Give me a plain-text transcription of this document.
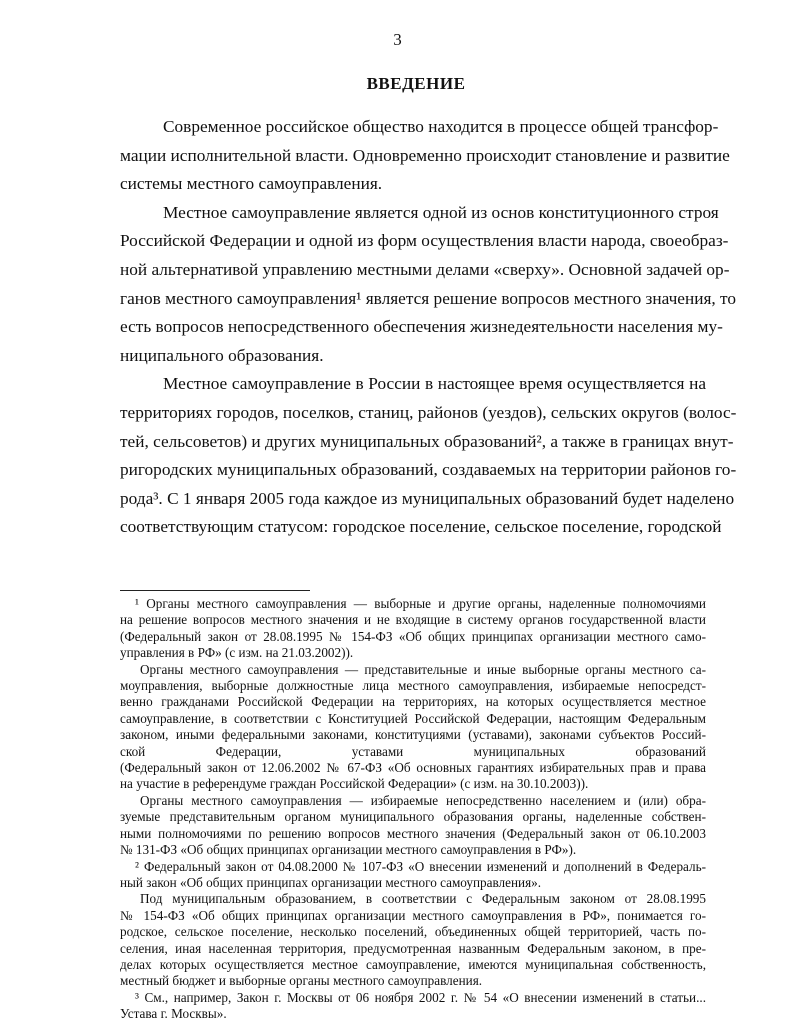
3
ВВЕДЕНИЕ
Современное российское общество находится в процессе общей трансфор-
мации исполнительной власти. Одновременно происходит становление и развитие
системы местного самоуправления.
Местное самоуправление является одной из основ конституционного строя
Российской Федерации и одной из форм осуществления власти народа, своеобраз-
ной альтернативой управлению местными делами «сверху». Основной задачей ор-
ганов местного самоуправления¹ является решение вопросов местного значения, то
есть вопросов непосредственного обеспечения жизнедеятельности населения му-
ниципального образования.
Местное самоуправление в России в настоящее время осуществляется на
территориях городов, поселков, станиц, районов (уездов), сельских округов (волос-
тей, сельсоветов) и других муниципальных образований², а также в границах внут-
ригородских муниципальных образований, создаваемых на территории районов го-
рода³. С 1 января 2005 года каждое из муниципальных образований будет наделено
соответствующим статусом: городское поселение, сельское поселение, городской
¹ Органы местного самоуправления — выборные и другие органы, наделенные полномочиями
на решение вопросов местного значения и не входящие в систему органов государственной власти
(Федеральный закон от 28.08.1995 № 154-ФЗ «Об общих принципах организации местного само-
управления в РФ» (с изм. на 21.03.2002)).
Органы местного самоуправления — представительные и иные выборные органы местного са-
моуправления, выборные должностные лица местного самоуправления, избираемые непосредст-
венно гражданами Российской Федерации на территориях, на которых осуществляется местное
самоуправление, в соответствии с Конституцией Российской Федерации, настоящим Федеральным
законом, иными федеральными законами, конституциями (уставами), законами субъектов Россий-
ской Федерации, уставами муниципальных образований
(Федеральный закон от 12.06.2002 № 67-ФЗ «Об основных гарантиях избирательных прав и права
на участие в референдуме граждан Российской Федерации» (с изм. на 30.10.2003)).
Органы местного самоуправления — избираемые непосредственно населением и (или) обра-
зуемые представительным органом муниципального образования органы, наделенные собствен-
ными полномочиями по решению вопросов местного значения (Федеральный закон от 06.10.2003
№ 131-ФЗ «Об общих принципах организации местного самоуправления в РФ»).
² Федеральный закон от 04.08.2000 № 107-ФЗ «О внесении изменений и дополнений в Федераль-
ный закон «Об общих принципах организации местного самоуправления».
Под муниципальным образованием, в соответствии с Федеральным законом от 28.08.1995
№ 154-ФЗ «Об общих принципах организации местного самоуправления в РФ», понимается го-
родское, сельское поселение, несколько поселений, объединенных общей территорией, часть по-
селения, иная населенная территория, предусмотренная названным Федеральным законом, в пре-
делах которых осуществляется местное самоуправление, имеются муниципальная собственность,
местный бюджет и выборные органы местного самоуправления.
³ См., например, Закон г. Москвы от 06 ноября 2002 г. № 54 «О внесении изменений в статьи...
Устава г. Москвы».
